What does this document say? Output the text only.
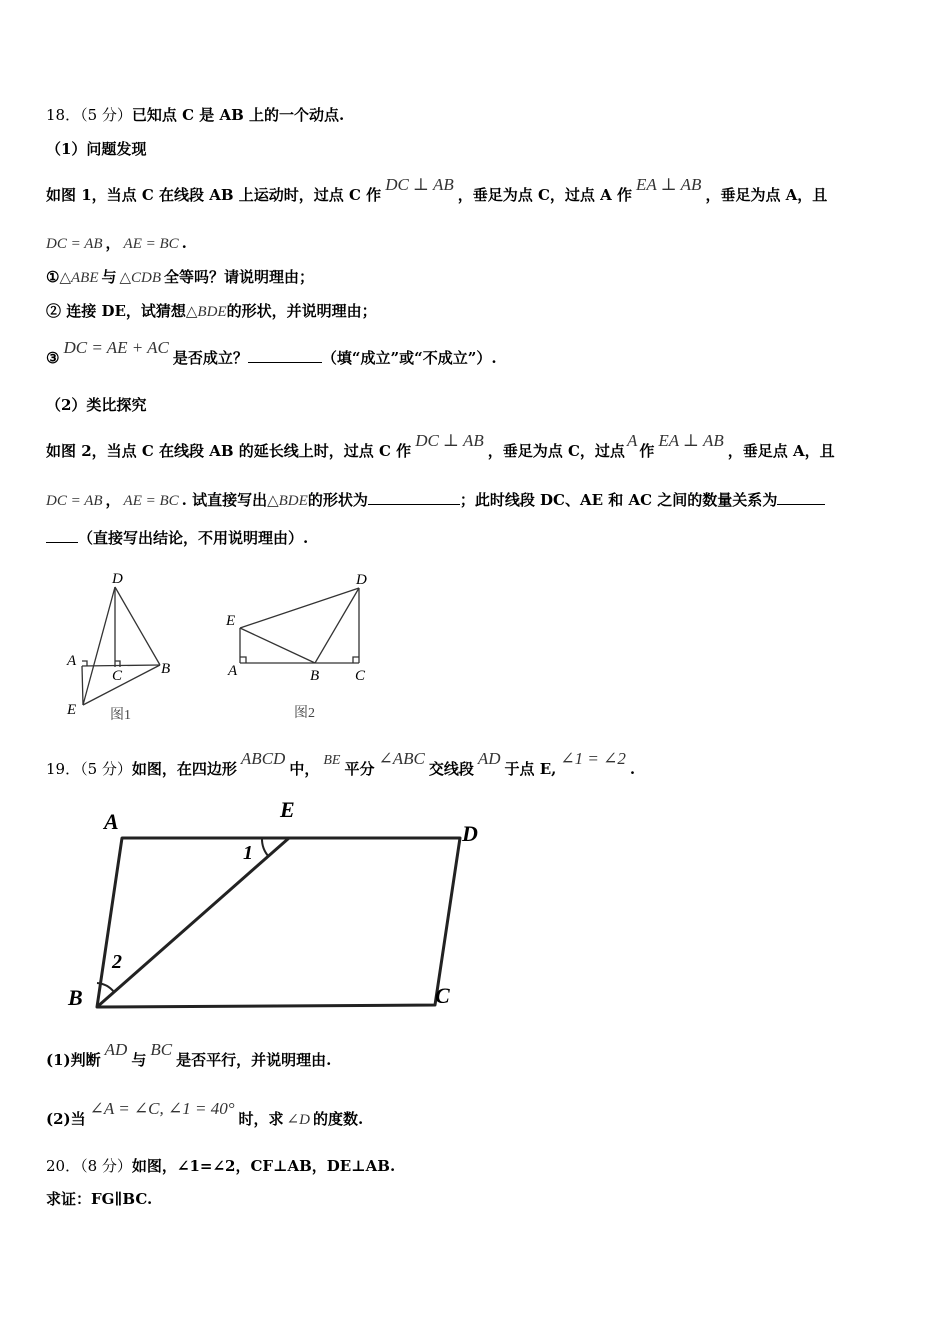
18．（5 分）已知点 C 是 AB 上的一个动点.
（1）问题发现
如图 1，当点 C 在线段 AB 上运动时，过点 C 作DC ⊥ AB，垂足为点 C，过点 A 作EA ⊥ AB，垂足为点 A，且
DC = AB ， AE = BC .
①△ABE 与 △CDB 全等吗？请说明理由；
② 连接 DE，试猜想△BDE的形状，并说明理由；
③DC = AE + AC是否成立？	（填“成立”或“不成立”）.
（2）类比探究
如图 2，当点 C 在线段 AB 的延长线上时，过点 C 作DC ⊥ AB，垂足为点 C，过点A作EA ⊥ AB，垂足点 A，且
DC = AB ， AE = BC . 试直接写出△BDE的形状为	；此时线段 DC、AE 和 AC 之间的数量关系为
（直接写出结论，不用说明理由）.
D
A
C	B
E 图1
D
E
A	B C
图2
19．（5 分）如图，在四边形ABCD中， BE 平分∠ABC交线段AD于点 E,∠1 = ∠2.
A	E
D
B	C
1
2
(1)判断AD与BC是否平行，并说明理由.
(2)当∠A = ∠C, ∠1 = 40°时，求 ∠D 的度数.
20．（8 分）如图，∠1=∠2，CF⊥AB，DE⊥AB.
求证：FG∥BC.
